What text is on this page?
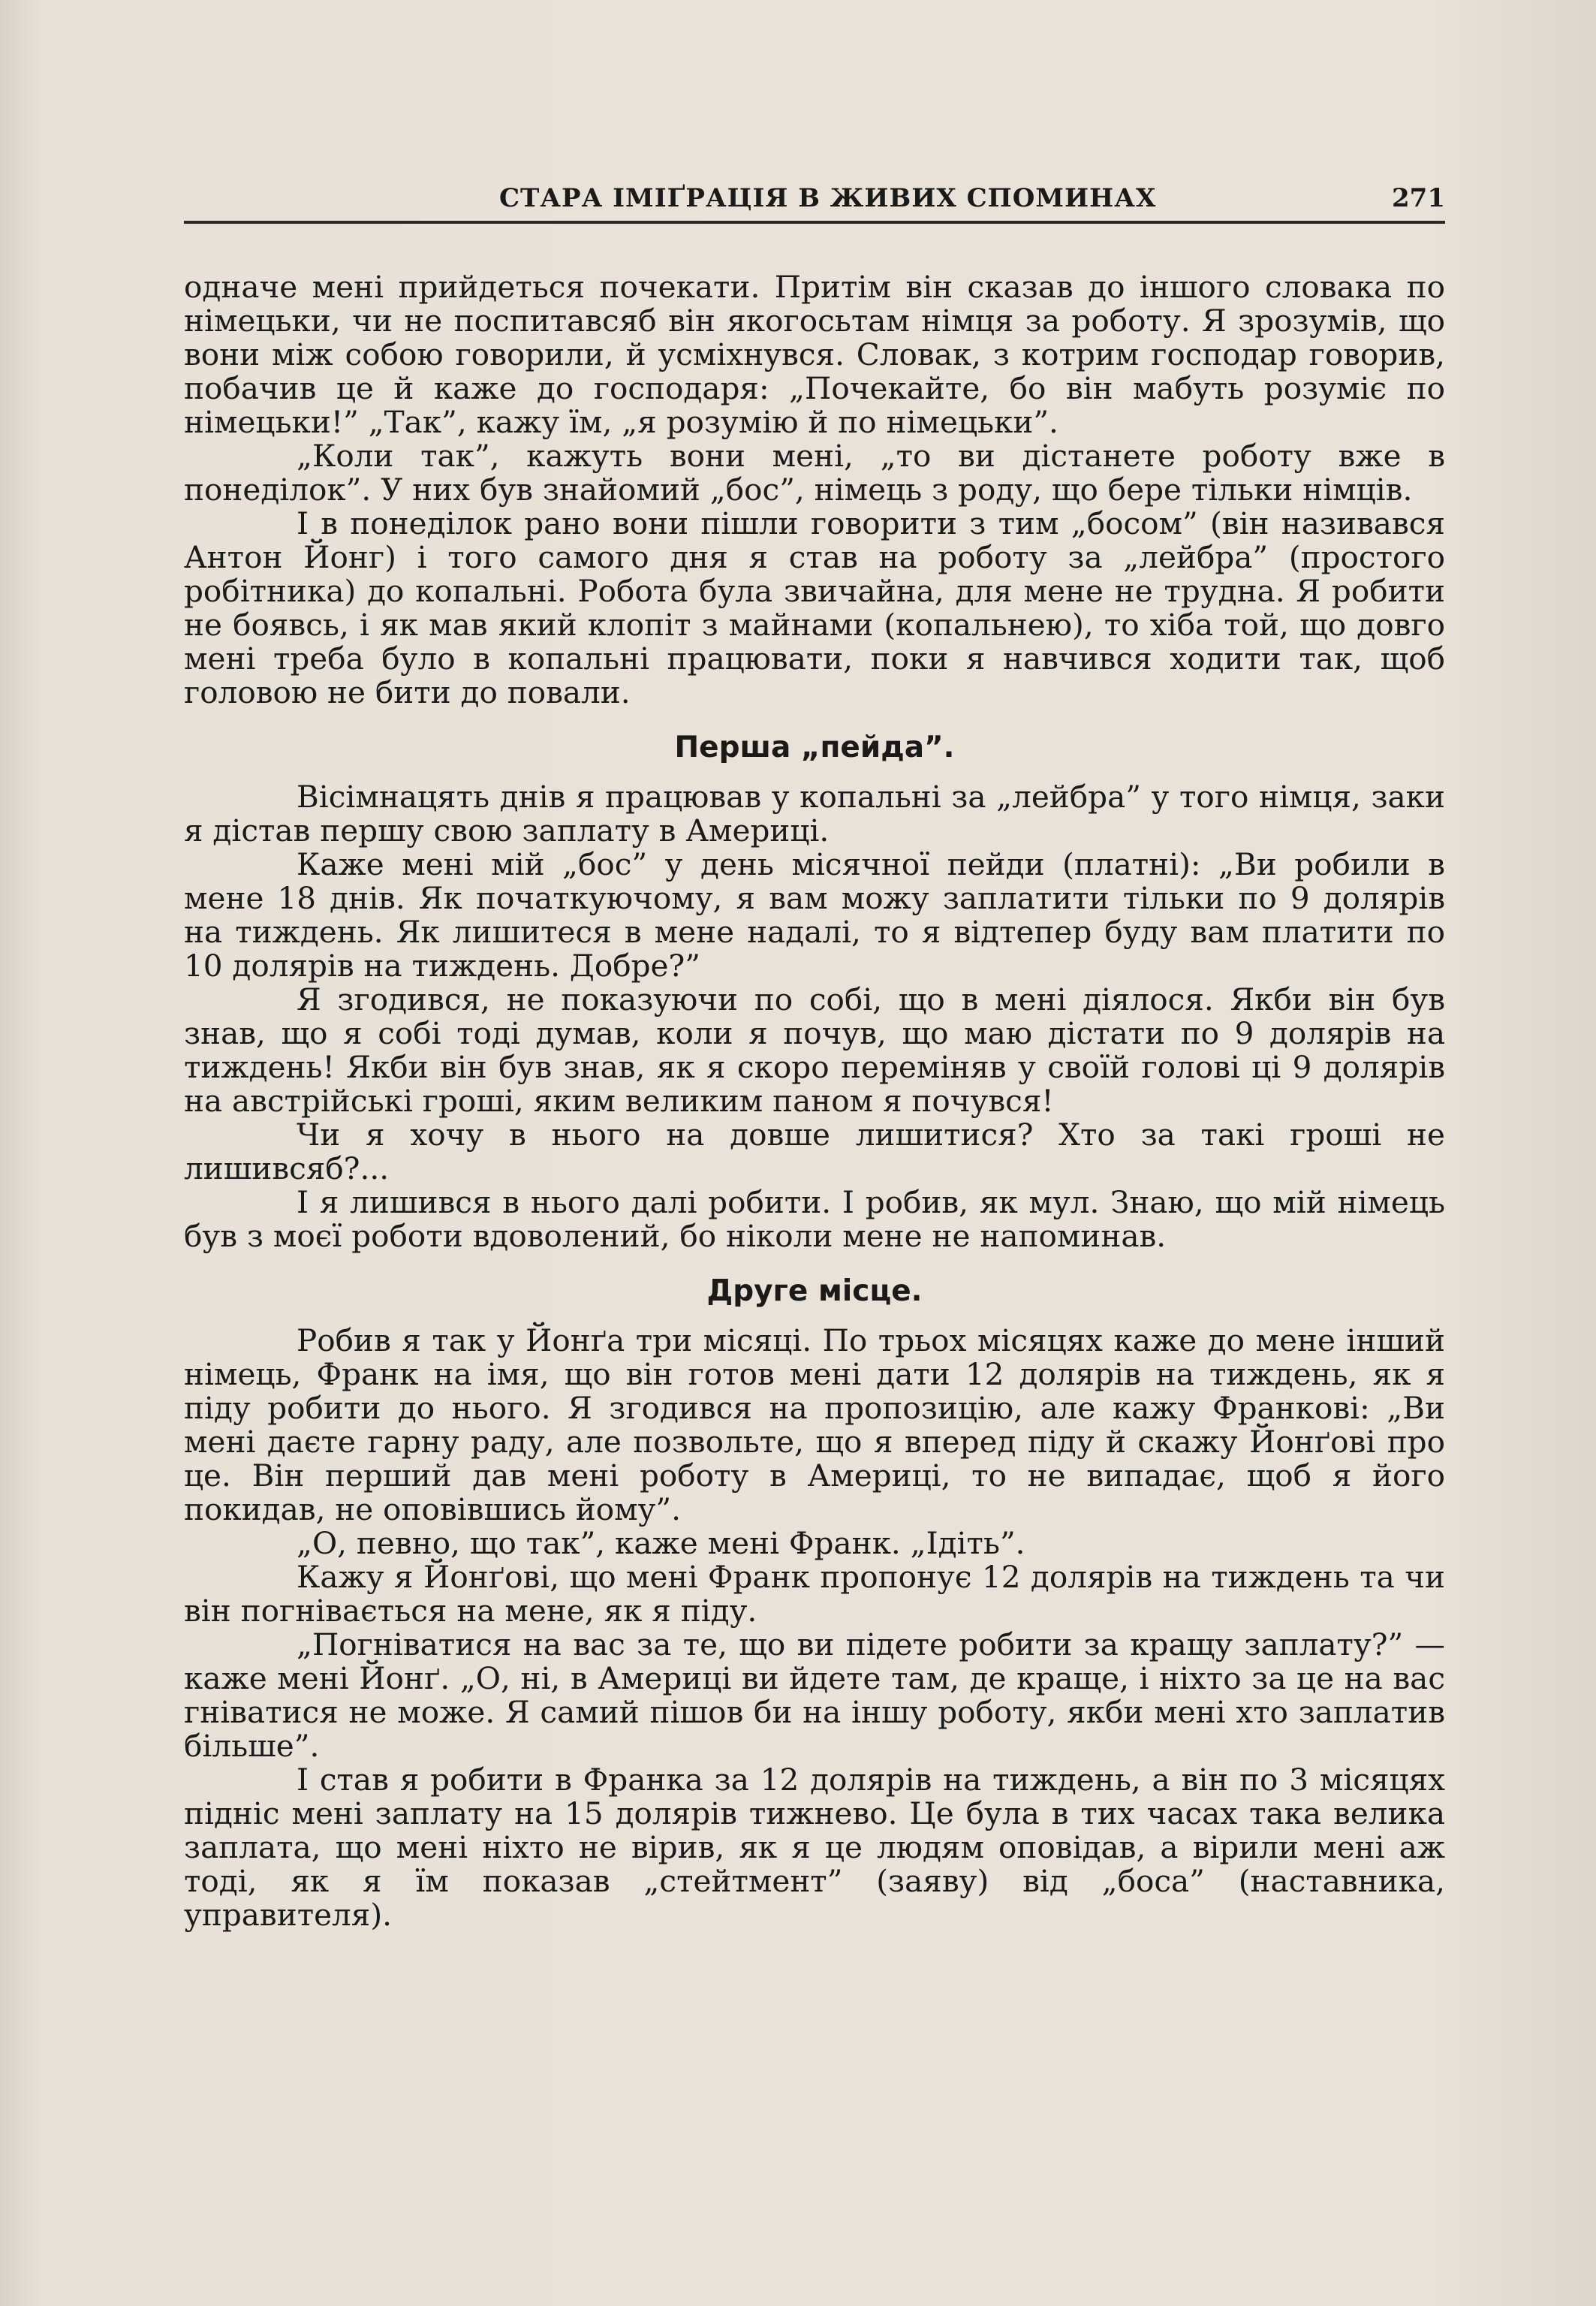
СТАРА ІМІҐРАЦІЯ В ЖИВИХ СПОМИНАХ	271

одначе мені прийдеться почекати. Притім він сказав до іншого словака по німецьки, чи не поспитавсяб він якогосьтам німця за роботу. Я зрозумів, що вони між собою говорили, й усміхнувся. Словак, з котрим господар говорив, побачив це й каже до господаря: „Почекайте, бо він мабуть розуміє по німецьки!” „Так”, кажу їм, „я розумію й по німецьки”.

„Коли так”, кажуть вони мені, „то ви дістанете роботу вже в понеділок”. У них був знайомий „бос”, німець з роду, що бере тільки німців.

І в понеділок рано вони пішли говорити з тим „босом” (він називався Антон Йонг) і того самого дня я став на роботу за „лейбра” (простого робітника) до копальні. Робота була звичайна, для мене не трудна. Я робити не боявсь, і як мав який клопіт з майнами (копальнею), то хіба той, що довго мені треба було в копальні працювати, поки я навчився ходити так, щоб головою не бити до повали.

Перша „пейда”.

Вісімнацять днів я працював у копальні за „лейбра” у того німця, заки я дістав першу свою заплату в Америці.

Каже мені мій „бос” у день місячної пейди (платні): „Ви робили в мене 18 днів. Як початкуючому, я вам можу заплатити тільки по 9 долярів на тиждень. Як лишитеся в мене надалі, то я відтепер буду вам платити по 10 долярів на тиждень. Добре?”

Я згодився, не показуючи по собі, що в мені діялося. Якби він був знав, що я собі тоді думав, коли я почув, що маю дістати по 9 долярів на тиждень! Якби він був знав, як я скоро переміняв у своїй голові ці 9 долярів на австрійські гроші, яким великим паном я почувся!

Чи я хочу в нього на довше лишитися? Хто за такі гроші не лишивсяб?...

І я лишився в нього далі робити. І робив, як мул. Знаю, що мій німець був з моєї роботи вдоволений, бо ніколи мене не напоминав.

Друге місце.

Робив я так у Йонґа три місяці. По трьох місяцях каже до мене інший німець, Франк на імя, що він готов мені дати 12 долярів на тиждень, як я піду робити до нього. Я згодився на пропозицію, але кажу Франкові: „Ви мені даєте гарну раду, але позвольте, що я вперед піду й скажу Йонґові про це. Він перший дав мені роботу в Америці, то не випадає, щоб я його покидав, не оповівшись йому”.

„О, певно, що так”, каже мені Франк. „Ідіть”.

Кажу я Йонґові, що мені Франк пропонує 12 долярів на тиждень та чи він погнівається на мене, як я піду.

„Погніватися на вас за те, що ви підете робити за кращу заплату?” — каже мені Йонґ. „О, ні, в Америці ви йдете там, де краще, і ніхто за це на вас гніватися не може. Я самий пішов би на іншу роботу, якби мені хто заплатив більше”.

І став я робити в Франка за 12 долярів на тиждень, а він по 3 місяцях підніс мені заплату на 15 долярів тижнево. Це була в тих часах така велика заплата, що мені ніхто не вірив, як я це людям оповідав, а вірили мені аж тоді, як я їм показав „стейтмент” (заяву) від „боса” (наставника, управителя).
